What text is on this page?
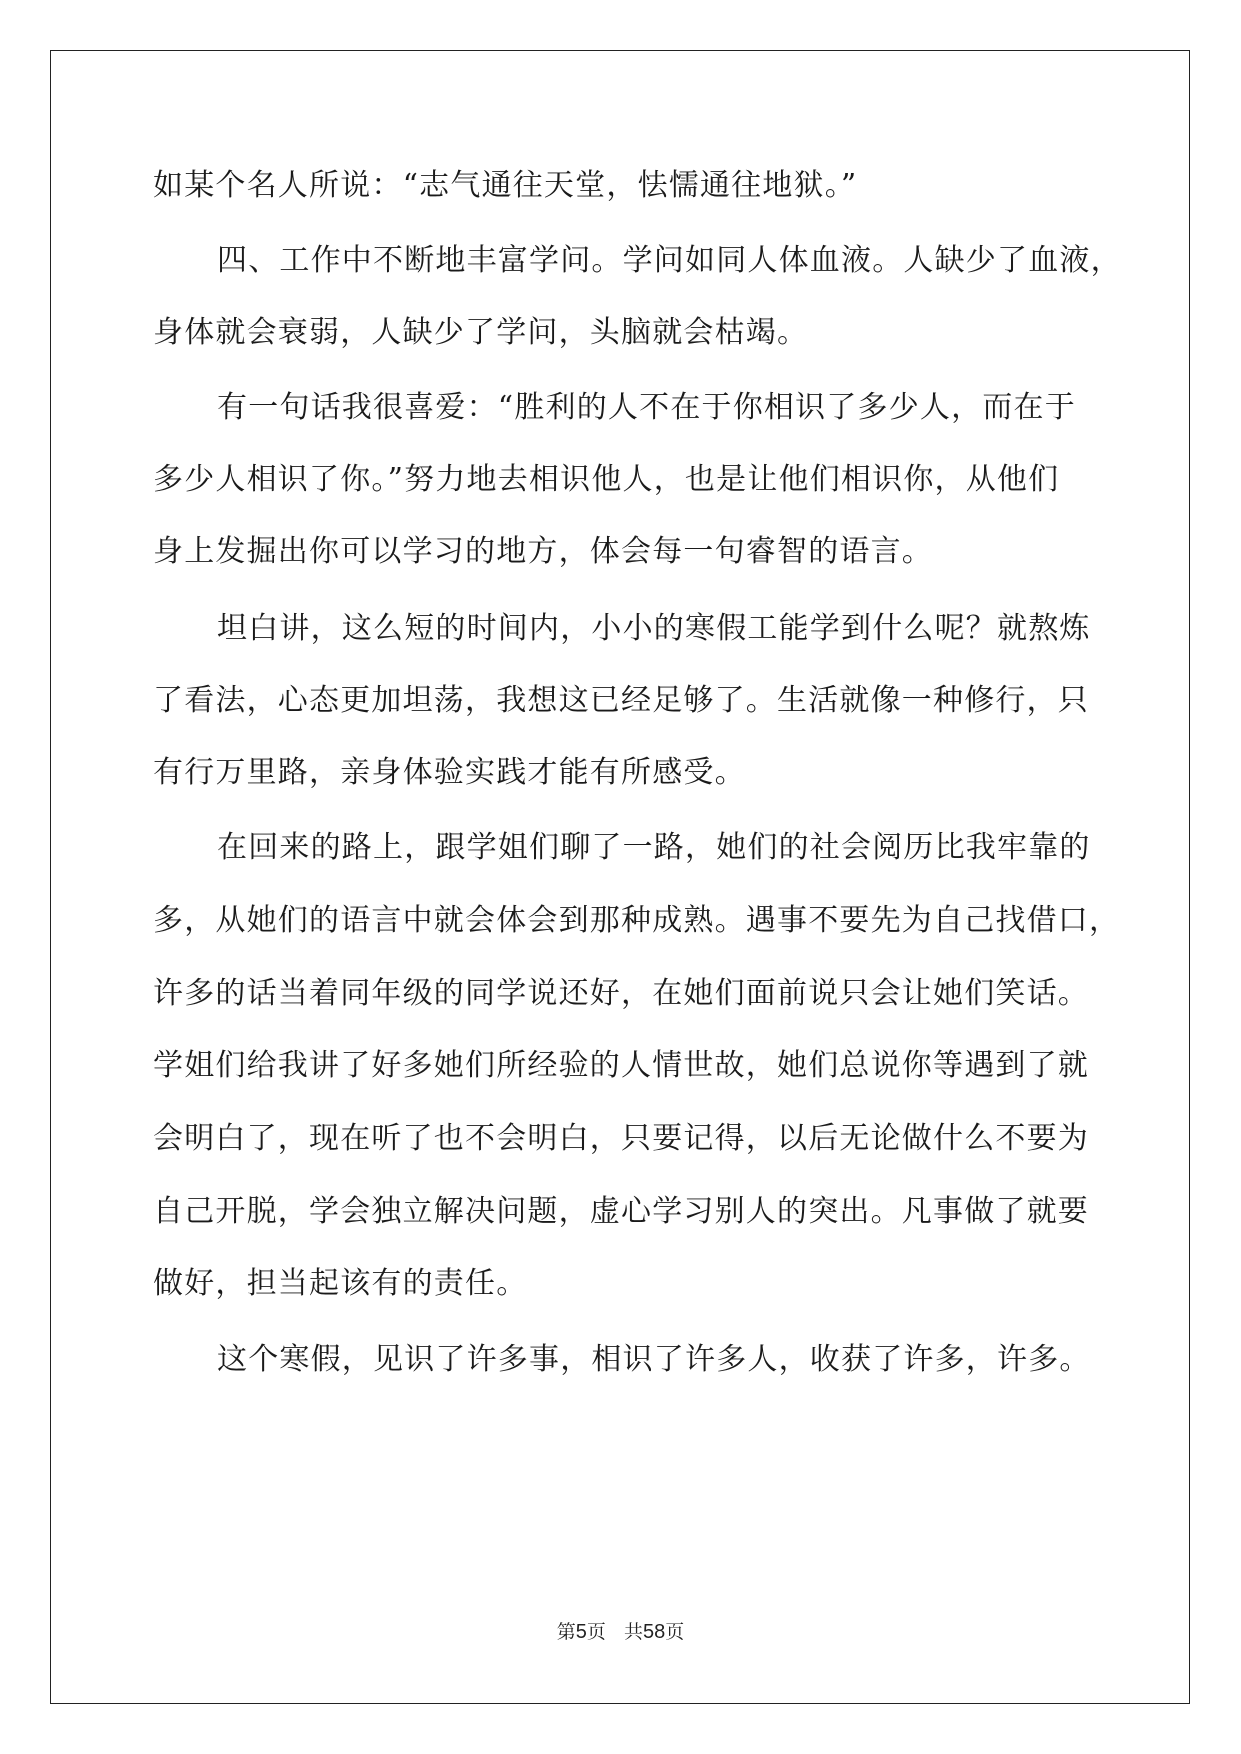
如某个名人所说：“志气通往天堂，怯懦通往地狱。”
四、工作中不断地丰富学问。学问如同人体血液。人缺少了血液，
身体就会衰弱，人缺少了学问，头脑就会枯竭。
有一句话我很喜爱：“胜利的人不在于你相识了多少人，而在于
多少人相识了你。”努力地去相识他人，也是让他们相识你，从他们
身上发掘出你可以学习的地方，体会每一句睿智的语言。
坦白讲，这么短的时间内，小小的寒假工能学到什么呢？就熬炼
了看法，心态更加坦荡，我想这已经足够了。生活就像一种修行，只
有行万里路，亲身体验实践才能有所感受。
在回来的路上，跟学姐们聊了一路，她们的社会阅历比我牢靠的
多，从她们的语言中就会体会到那种成熟。遇事不要先为自己找借口，
许多的话当着同年级的同学说还好，在她们面前说只会让她们笑话。
学姐们给我讲了好多她们所经验的人情世故，她们总说你等遇到了就
会明白了，现在听了也不会明白，只要记得，以后无论做什么不要为
自己开脱，学会独立解决问题，虚心学习别人的突出。凡事做了就要
做好，担当起该有的责任。
这个寒假，见识了许多事，相识了许多人，收获了许多，许多。
第5页 共58页
